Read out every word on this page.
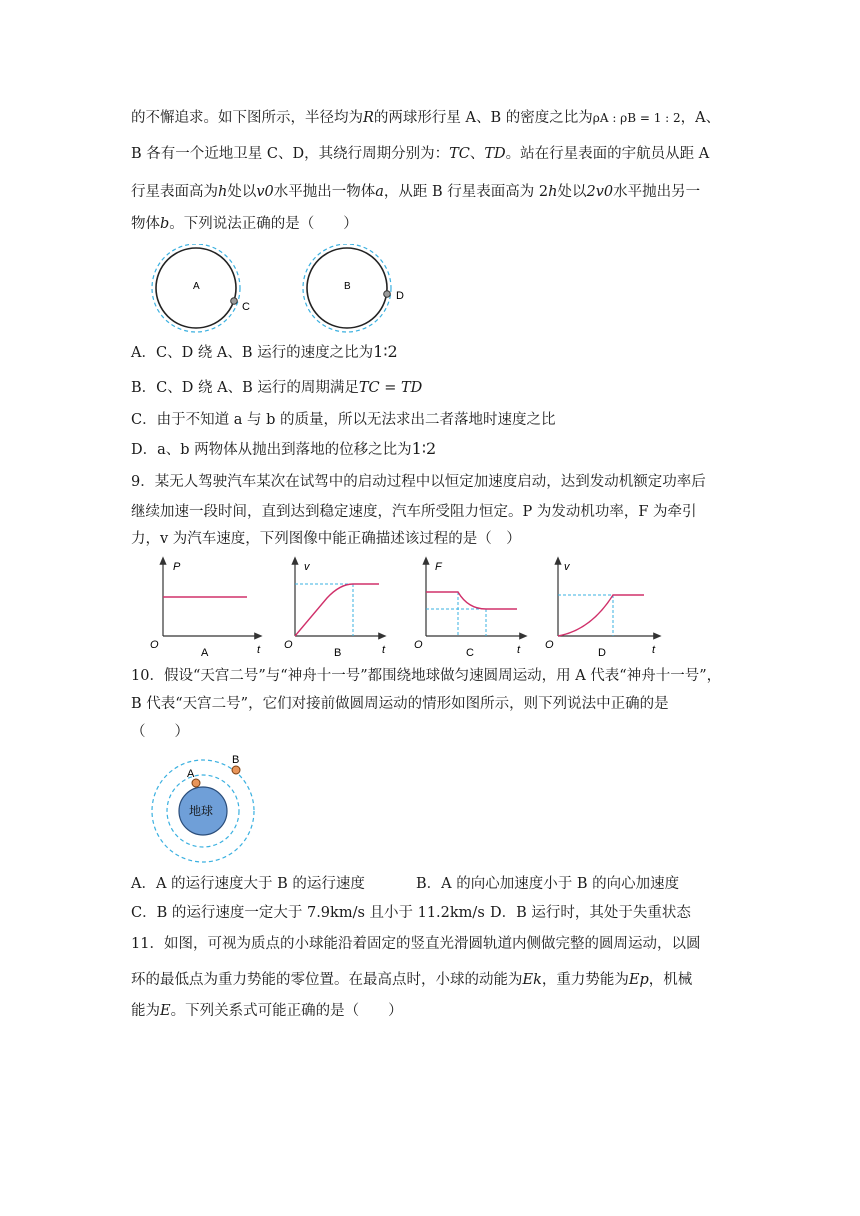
的不懈追求。如下图所示，半径均为R的两球形行星 A、B 的密度之比为ρA : ρB = 1 : 2，A、
B 各有一个近地卫星 C、D，其绕行周期分别为：TC、TD。站在行星表面的宇航员从距 A
行星表面高为h处以v0水平抛出一物体a，从距 B 行星表面高为 2h处以2v0水平抛出另一
物体b。下列说法正确的是（　　）
A
C
B
D
A．C、D 绕 A、B 运行的速度之比为1∶2
B．C、D 绕 A、B 运行的周期满足TC = TD
C．由于不知道 a 与 b 的质量，所以无法求出二者落地时速度之比
D．a、b 两物体从抛出到落地的位移之比为1∶2
9．某无人驾驶汽车某次在试驾中的启动过程中以恒定加速度启动，达到发动机额定功率后
继续加速一段时间，直到达到稳定速度，汽车所受阻力恒定。P 为发动机功率，F 为牵引
力，v 为汽车速度，下列图像中能正确描述该过程的是（　）
P
t
O
A
v
t
O
B
F
t
O
C
v
t
O
D
10．假设“天宫二号”与“神舟十一号”都围绕地球做匀速圆周运动，用 A 代表“神舟十一号”，
B 代表“天宫二号”，它们对接前做圆周运动的情形如图所示，则下列说法中正确的是
（　　）
地球
A
B
A．A 的运行速度大于 B 的运行速度	B．A 的向心加速度小于 B 的向心加速度
C．B 的运行速度一定大于 7.9km/s 且小于 11.2km/s D．B 运行时，其处于失重状态
11．如图，可视为质点的小球能沿着固定的竖直光滑圆轨道内侧做完整的圆周运动，以圆
环的最低点为重力势能的零位置。在最高点时，小球的动能为Ek，重力势能为Ep，机械
能为E。下列关系式可能正确的是（　　）
